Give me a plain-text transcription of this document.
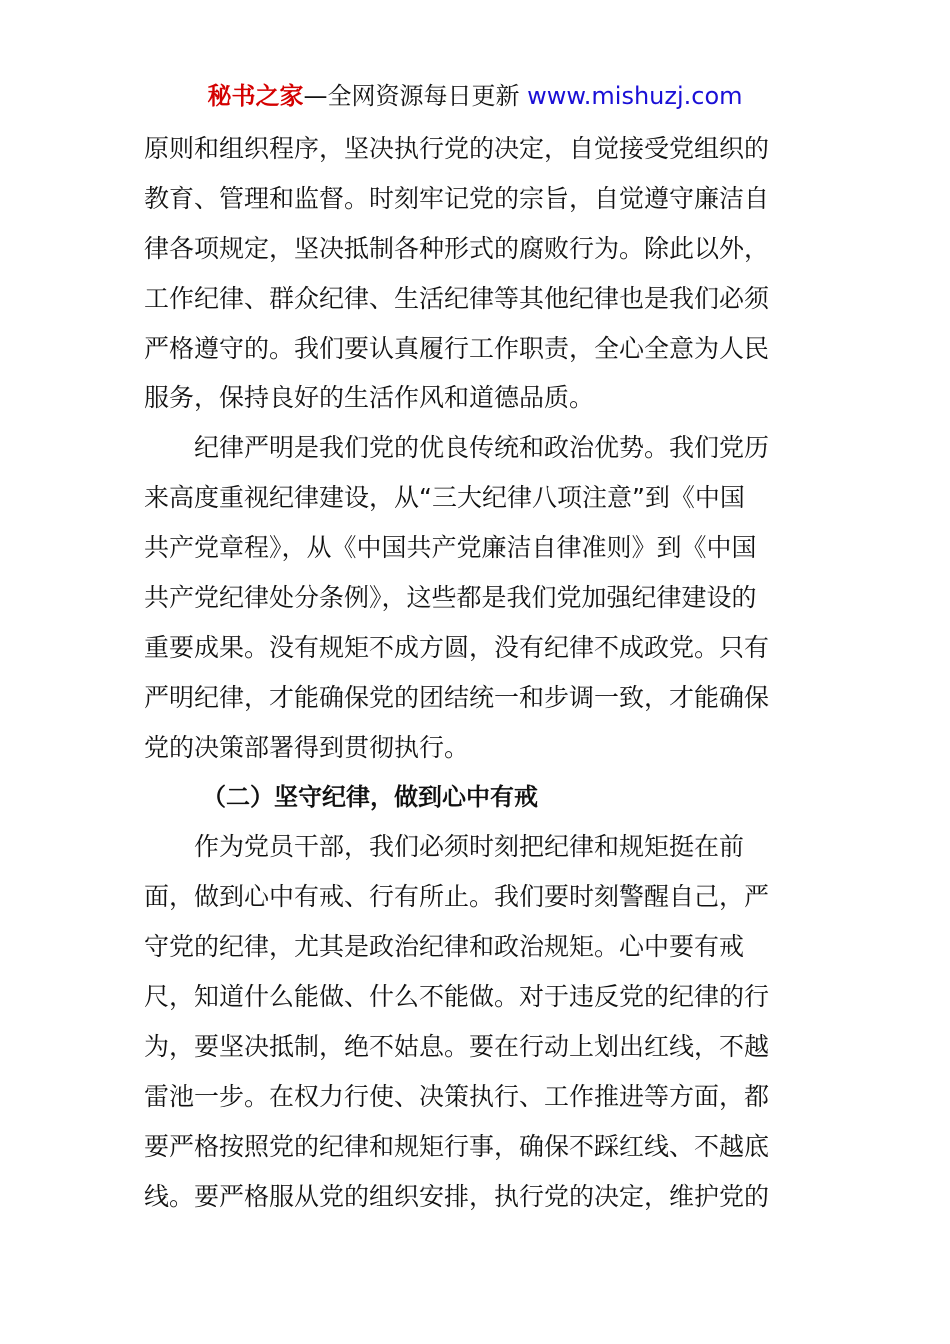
秘书之家—全网资源每日更新 www.mishuzj.com
原则和组织程序，坚决执行党的决定，自觉接受党组织的
教育、管理和监督。时刻牢记党的宗旨，自觉遵守廉洁自
律各项规定，坚决抵制各种形式的腐败行为。除此以外，
工作纪律、群众纪律、生活纪律等其他纪律也是我们必须
严格遵守的。我们要认真履行工作职责，全心全意为人民
服务，保持良好的生活作风和道德品质。
纪律严明是我们党的优良传统和政治优势。我们党历
来高度重视纪律建设，从“三大纪律八项注意”到《中国
共产党章程》，从《中国共产党廉洁自律准则》到《中国
共产党纪律处分条例》，这些都是我们党加强纪律建设的
重要成果。没有规矩不成方圆，没有纪律不成政党。只有
严明纪律，才能确保党的团结统一和步调一致，才能确保
党的决策部署得到贯彻执行。
（二）坚守纪律，做到心中有戒
作为党员干部，我们必须时刻把纪律和规矩挺在前
面，做到心中有戒、行有所止。我们要时刻警醒自己，严
守党的纪律，尤其是政治纪律和政治规矩。心中要有戒
尺，知道什么能做、什么不能做。对于违反党的纪律的行
为，要坚决抵制，绝不姑息。要在行动上划出红线，不越
雷池一步。在权力行使、决策执行、工作推进等方面，都
要严格按照党的纪律和规矩行事，确保不踩红线、不越底
线。要严格服从党的组织安排，执行党的决定，维护党的
